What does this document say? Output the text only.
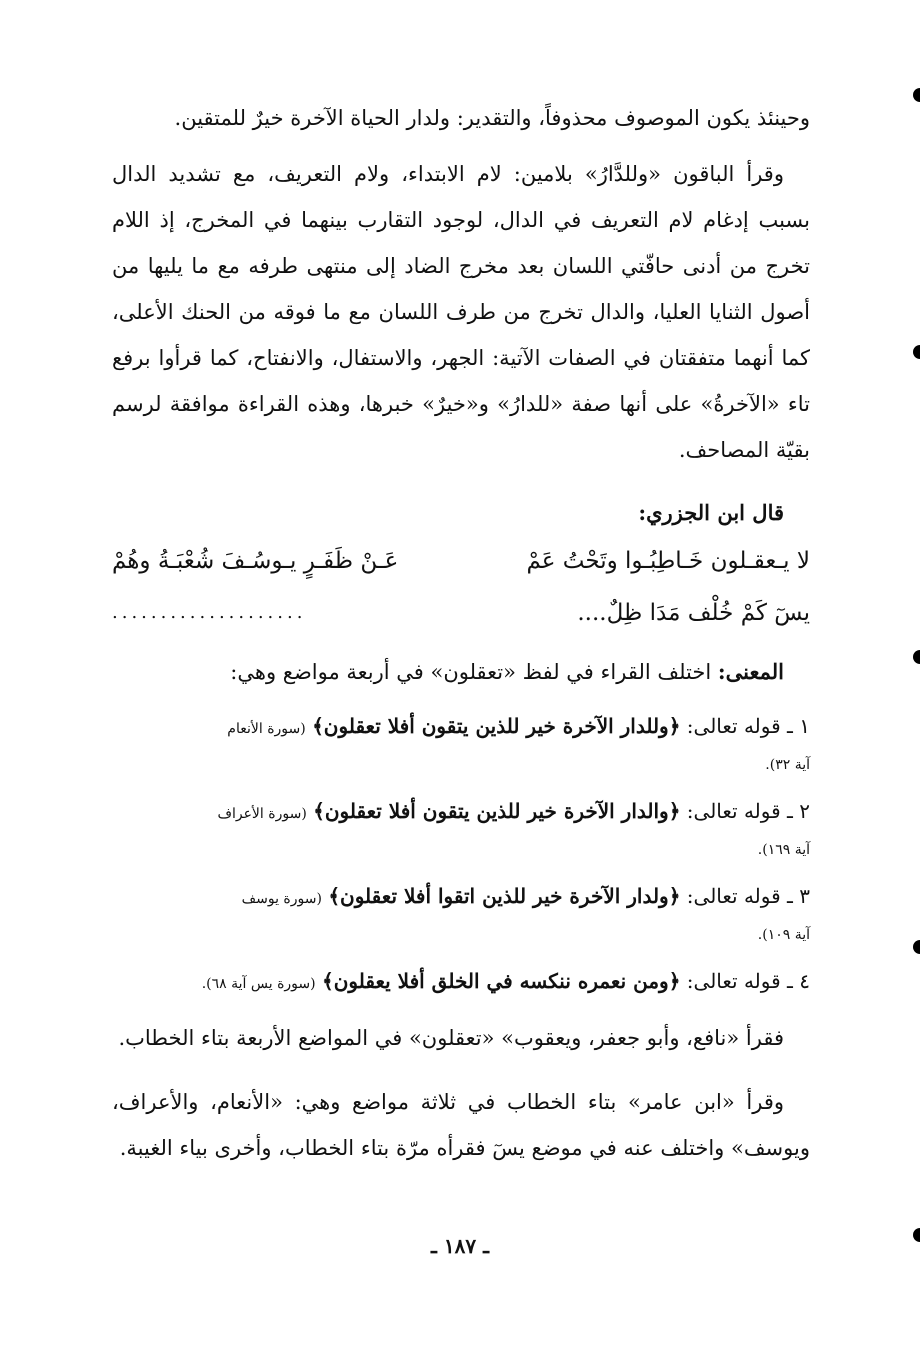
وحينئذ يكون الموصوف محذوفاً، والتقدير: ولدار الحياة الآخرة خيرٌ للمتقين.

وقرأ الباقون «وللدَّارُ» بلامين: لام الابتداء، ولام التعريف، مع تشديد الدال بسبب إدغام لام التعريف في الدال، لوجود التقارب بينهما في المخرج، إذ اللام تخرج من أدنى حافّتي اللسان بعد مخرج الضاد إلى منتهى طرفه مع ما يليها من أصول الثنايا العليا، والدال تخرج من طرف اللسان مع ما فوقه من الحنك الأعلى، كما أنهما متفقتان في الصفات الآتية: الجهر، والاستفال، والانفتاح، كما قرأوا برفع تاء «الآخرةُ» على أنها صفة «للدارُ» و«خيرٌ» خبرها، وهذه القراءة موافقة لرسم بقيّة المصاحف.

قال ابن الجزري:

لا يـعقـلون خَـاطِبُـوا وتَحْتُ عَمْ
عَـنْ ظَفَـرٍ يـوسُـفَ شُعْبَـةُ وهُمْ
يسٓ كَمْ خُلْف مَدَا ظِلٌ....
....................

المعنى: اختلف القراء في لفظ «تعقلون» في أربعة مواضع وهي:

١ ـ قوله تعالى: ﴿وللدار الآخرة خير للذين يتقون أفلا تعقلون﴾ (سورة الأنعام

آية ٣٢).

٢ ـ قوله تعالى: ﴿والدار الآخرة خير للذين يتقون أفلا تعقلون﴾ (سورة الأعراف

آية ١٦٩).

٣ ـ قوله تعالى: ﴿ولدار الآخرة خير للذين اتقوا أفلا تعقلون﴾ (سورة يوسف

آية ١٠٩).

٤ ـ قوله تعالى: ﴿ومن نعمره ننكسه في الخلق أفلا يعقلون﴾ (سورة يس آية ٦٨).

فقرأ «نافع، وأبو جعفر، ويعقوب» «تعقلون» في المواضع الأربعة بتاء الخطاب.

وقرأ «ابن عامر» بتاء الخطاب في ثلاثة مواضع وهي: «الأنعام، والأعراف، ويوسف» واختلف عنه في موضع يسٓ فقرأه مرّة بتاء الخطاب، وأخرى بياء الغيبة.

ـ ١٨٧ ـ
